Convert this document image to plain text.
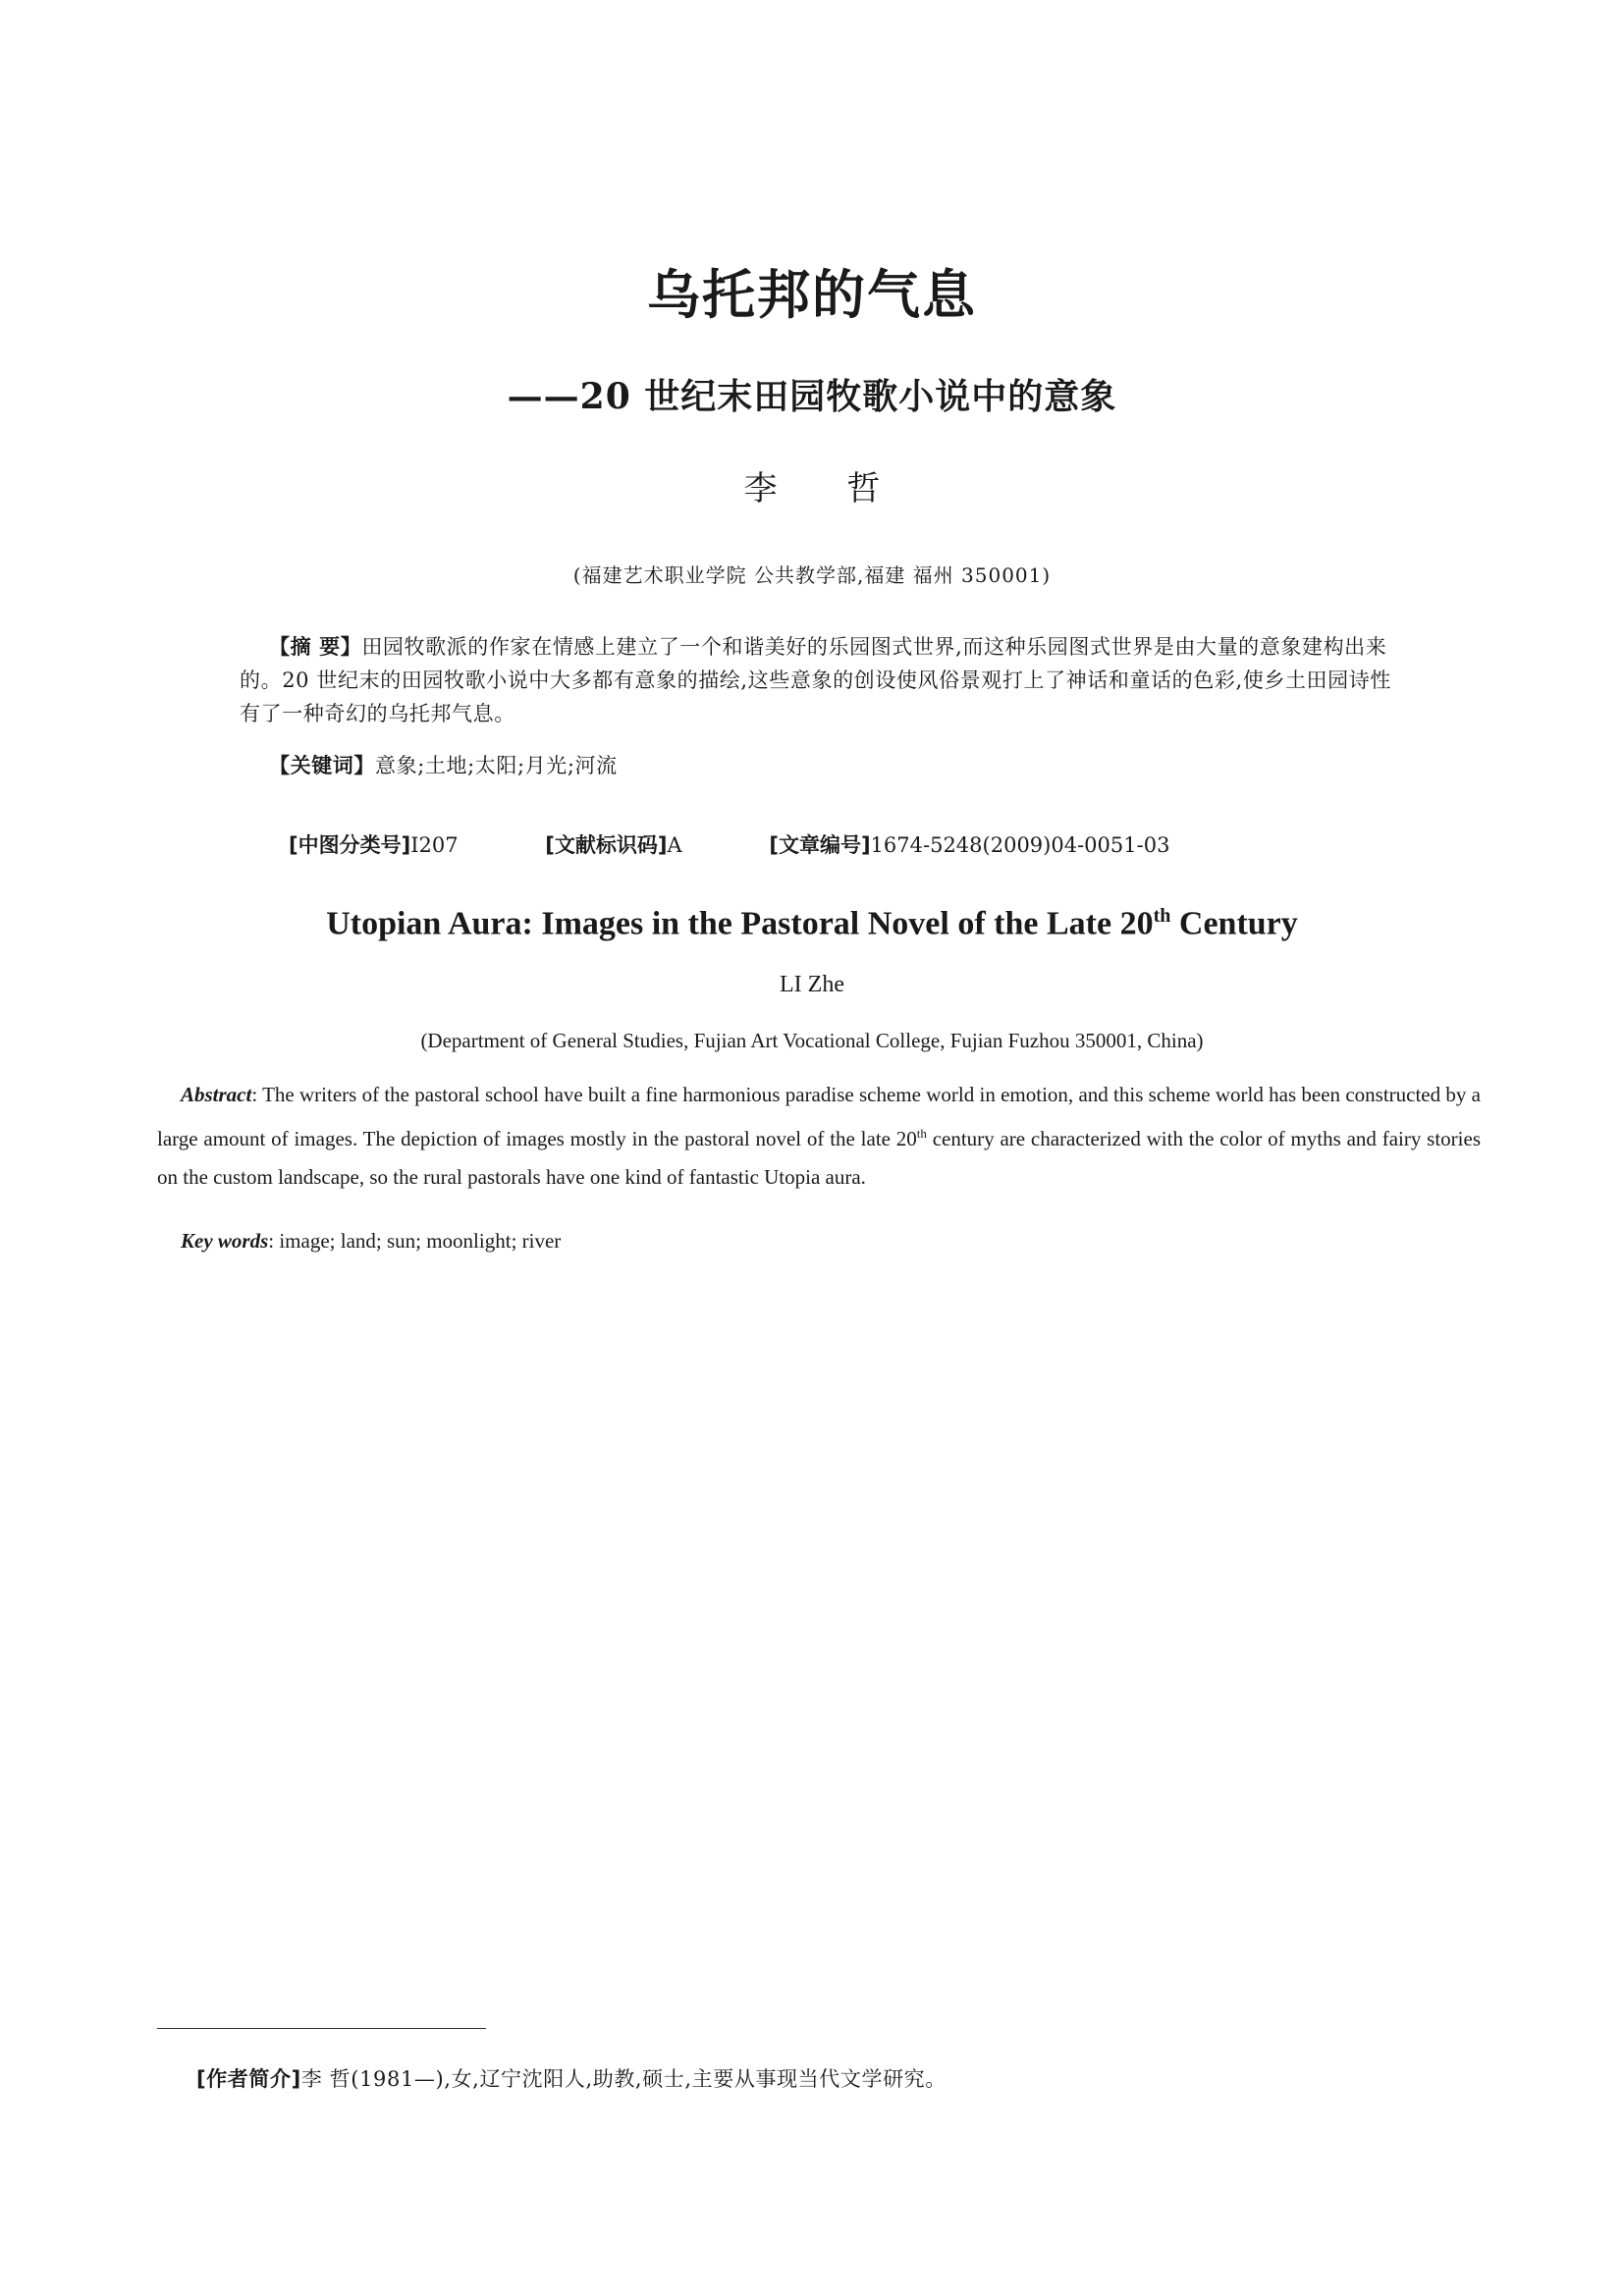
乌托邦的气息
——20 世纪末田园牧歌小说中的意象
李 哲
(福建艺术职业学院 公共教学部,福建 福州 350001)

【摘 要】田园牧歌派的作家在情感上建立了一个和谐美好的乐园图式世界,而这种乐园图式世界是由大量的意象建构出来的。20 世纪末的田园牧歌小说中大多都有意象的描绘,这些意象的创设使风俗景观打上了神话和童话的色彩,使乡土田园诗性有了一种奇幻的乌托邦气息。

【关键词】意象;土地;太阳;月光;河流
[中图分类号]I207	[文献标识码]A	[文章编号]1674-5248(2009)04-0051-03
Utopian Aura: Images in the Pastoral Novel of the Late 20th Century
LI Zhe
(Department of General Studies, Fujian Art Vocational College, Fujian Fuzhou 350001, China)

Abstract: The writers of the pastoral school have built a fine harmonious paradise scheme world in emotion, and this scheme world has been constructed by a large amount of images. The depiction of images mostly in the pastoral novel of the late 20th century are characterized with the color of myths and fairy stories on the custom landscape, so the rural pastorals have one kind of fantastic Utopia aura.

Key words: image; land; sun; moonlight; river
[作者简介]李 哲(1981—),女,辽宁沈阳人,助教,硕士,主要从事现当代文学研究。
